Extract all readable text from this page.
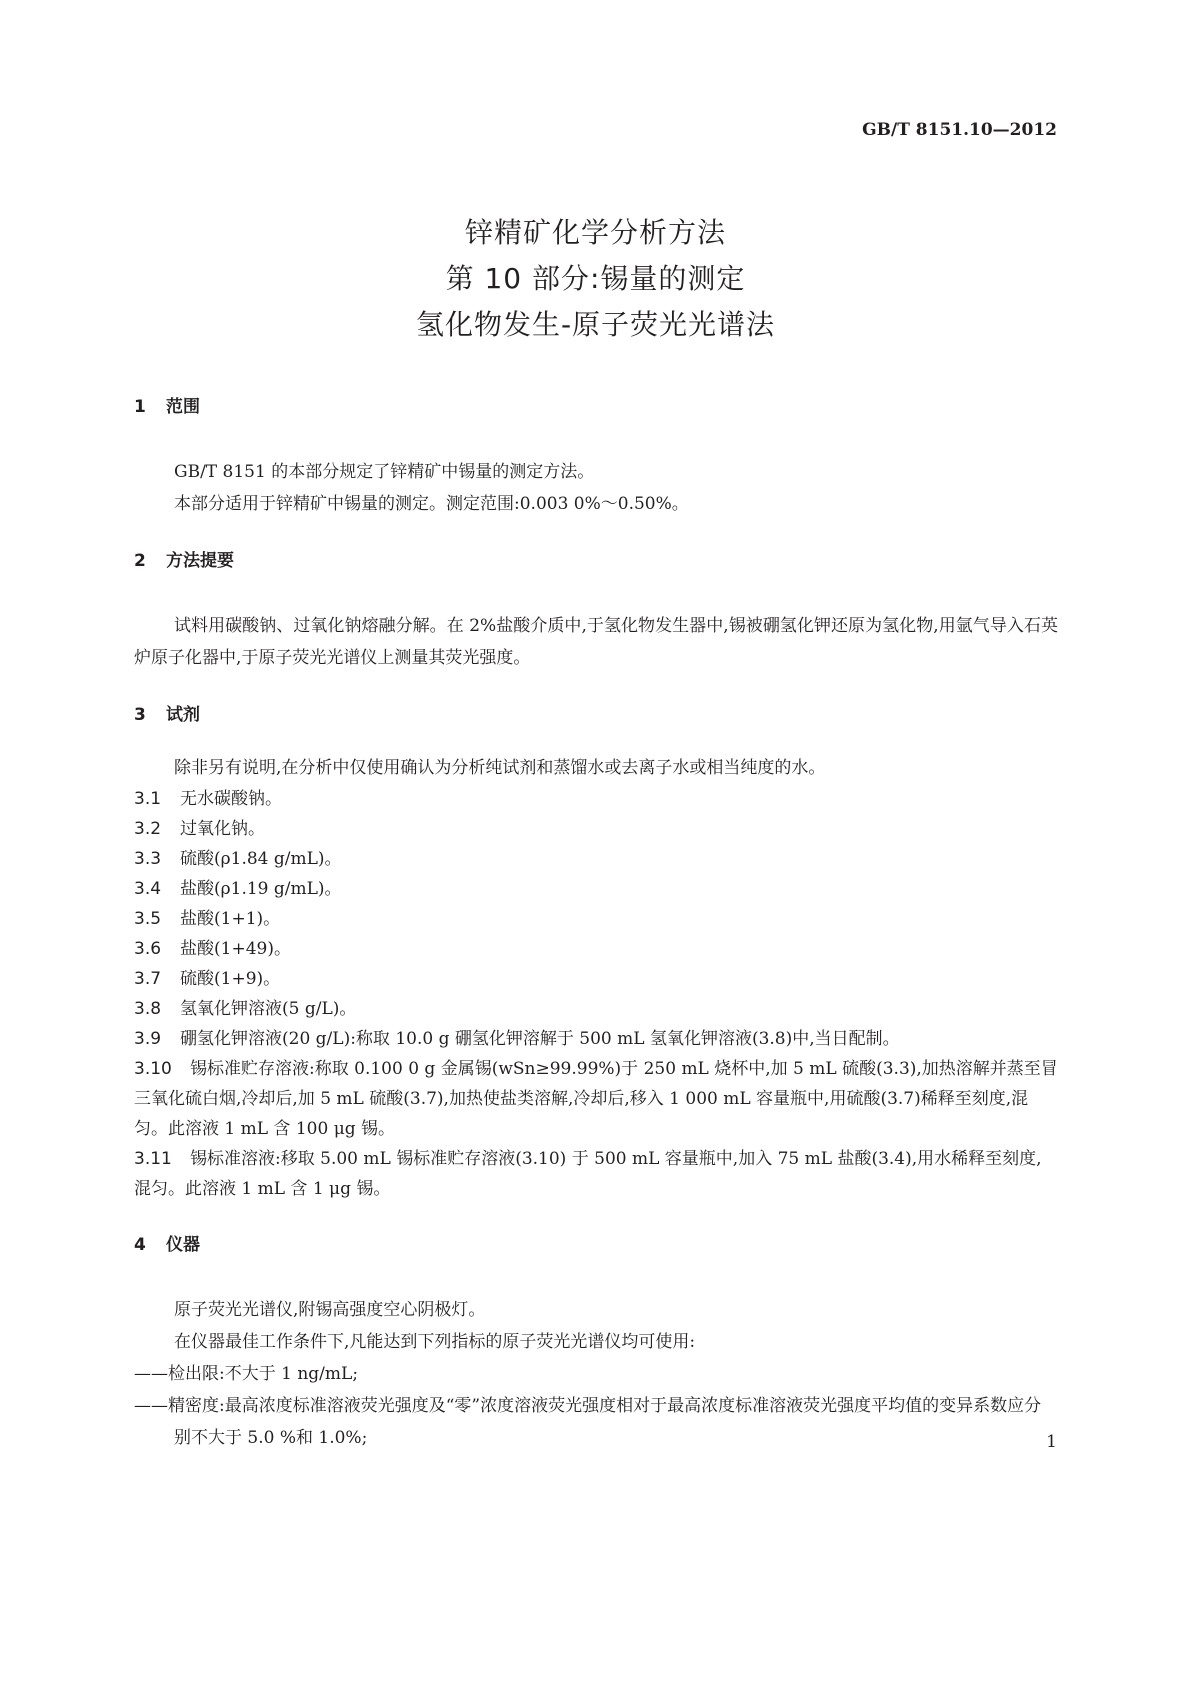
GB/T 8151.10—2012
锌精矿化学分析方法
第 10 部分:锡量的测定
氢化物发生-原子荧光光谱法
1 范围
GB/T 8151 的本部分规定了锌精矿中锡量的测定方法。
本部分适用于锌精矿中锡量的测定。测定范围:0.003 0%～0.50%。
2 方法提要
试料用碳酸钠、过氧化钠熔融分解。在 2%盐酸介质中,于氢化物发生器中,锡被硼氢化钾还原为氢化物,用氩气导入石英炉原子化器中,于原子荧光光谱仪上测量其荧光强度。
3 试剂
除非另有说明,在分析中仅使用确认为分析纯试剂和蒸馏水或去离子水或相当纯度的水。
3.1 无水碳酸钠。
3.2 过氧化钠。
3.3 硫酸(ρ1.84 g/mL)。
3.4 盐酸(ρ1.19 g/mL)。
3.5 盐酸(1+1)。
3.6 盐酸(1+49)。
3.7 硫酸(1+9)。
3.8 氢氧化钾溶液(5 g/L)。
3.9 硼氢化钾溶液(20 g/L):称取 10.0 g 硼氢化钾溶解于 500 mL 氢氧化钾溶液(3.8)中,当日配制。
3.10 锡标准贮存溶液:称取 0.100 0 g 金属锡(wSn≥99.99%)于 250 mL 烧杯中,加 5 mL 硫酸(3.3),加热溶解并蒸至冒三氧化硫白烟,冷却后,加 5 mL 硫酸(3.7),加热使盐类溶解,冷却后,移入 1 000 mL 容量瓶中,用硫酸(3.7)稀释至刻度,混匀。此溶液 1 mL 含 100 μg 锡。
3.11 锡标准溶液:移取 5.00 mL 锡标准贮存溶液(3.10) 于 500 mL 容量瓶中,加入 75 mL 盐酸(3.4),用水稀释至刻度,混匀。此溶液 1 mL 含 1 μg 锡。
4 仪器
原子荧光光谱仪,附锡高强度空心阴极灯。
在仪器最佳工作条件下,凡能达到下列指标的原子荧光光谱仪均可使用:
——检出限:不大于 1 ng/mL;
——精密度:最高浓度标准溶液荧光强度及“零”浓度溶液荧光强度相对于最高浓度标准溶液荧光强度平均值的变异系数应分别不大于 5.0 %和 1.0%;	1
